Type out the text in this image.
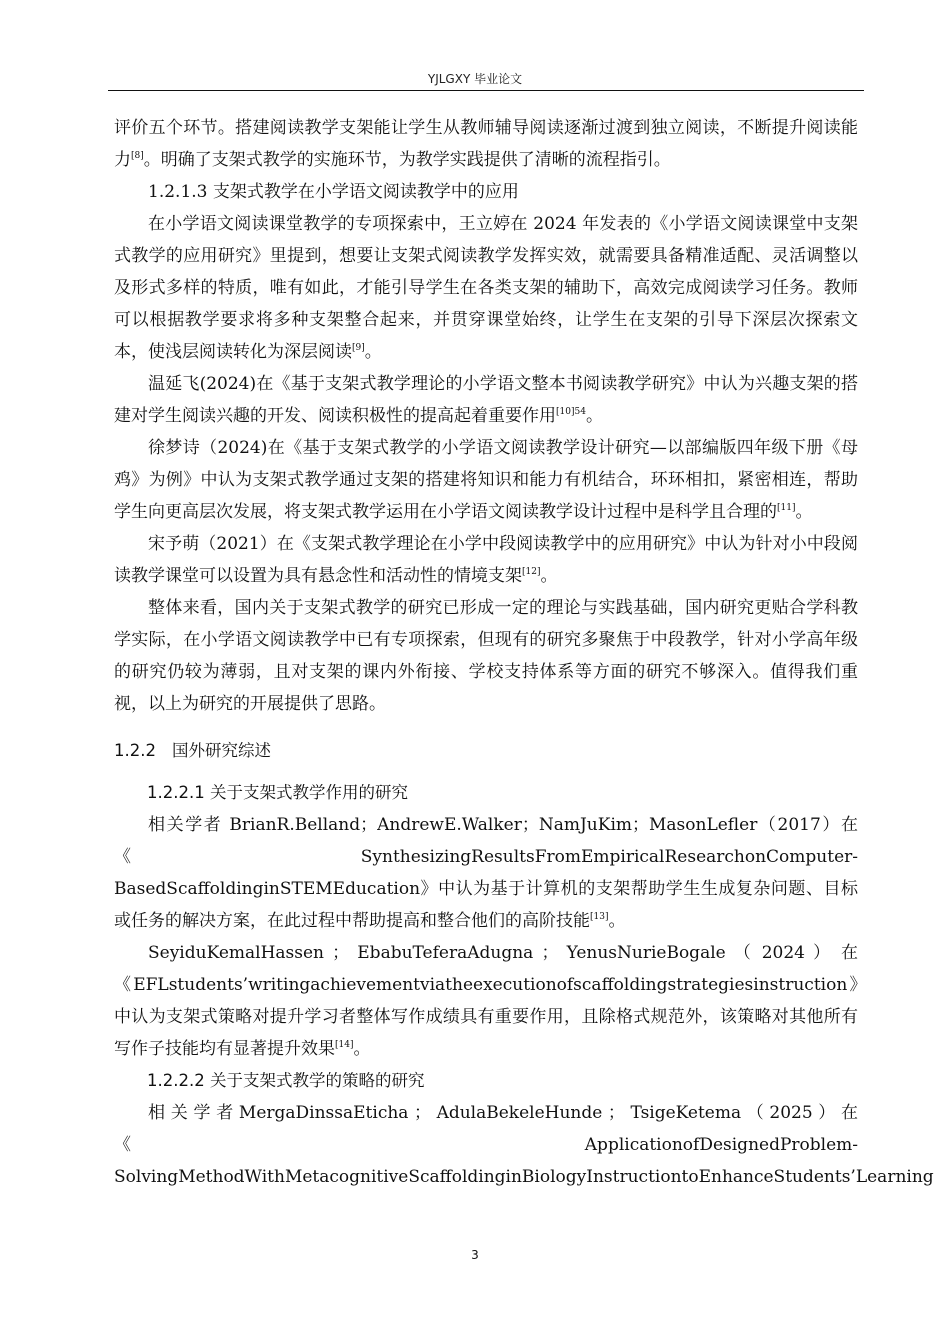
YJLGXY 毕业论文

评价五个环节。搭建阅读教学支架能让学生从教师辅导阅读逐渐过渡到独立阅读，不断提升阅读能力[8]。明确了支架式教学的实施环节，为教学实践提供了清晰的流程指引。

1.2.1.3 支架式教学在小学语文阅读教学中的应用

在小学语文阅读课堂教学的专项探索中，王立婷在 2024 年发表的《小学语文阅读课堂中支架式教学的应用研究》里提到，想要让支架式阅读教学发挥实效，就需要具备精准适配、灵活调整以及形式多样的特质，唯有如此，才能引导学生在各类支架的辅助下，高效完成阅读学习任务。教师可以根据教学要求将多种支架整合起来，并贯穿课堂始终，让学生在支架的引导下深层次探索文本，使浅层阅读转化为深层阅读[9]。

温延飞(2024)在《基于支架式教学理论的小学语文整本书阅读教学研究》中认为兴趣支架的搭建对学生阅读兴趣的开发、阅读积极性的提高起着重要作用$^{[10]54}$。

徐梦诗（2024)在《基于支架式教学的小学语文阅读教学设计研究—以部编版四年级下册《母鸡》为例》中认为支架式教学通过支架的搭建将知识和能力有机结合，环环相扣，紧密相连，帮助学生向更高层次发展，将支架式教学运用在小学语文阅读教学设计过程中是科学且合理的[11]。

宋予萌（2021）在《支架式教学理论在小学中段阅读教学中的应用研究》中认为针对小中段阅读教学课堂可以设置为具有悬念性和活动性的情境支架[12]。

整体来看，国内关于支架式教学的研究已形成一定的理论与实践基础，国内研究更贴合学科教学实际，在小学语文阅读教学中已有专项探索，但现有的研究多聚焦于中段教学，针对小学高年级的研究仍较为薄弱，且对支架的课内外衔接、学校支持体系等方面的研究不够深入。值得我们重视，以上为研究的开展提供了思路。

1.2.2 国外研究综述

1.2.2.1 关于支架式教学作用的研究

相关学者 BrianR.Belland；AndrewE.Walker；NamJuKim；MasonLefler（2017）在

《 SynthesizingResultsFromEmpiricalResearchonComputer-

BasedScaffoldinginSTEMEducation》中认为基于计算机的支架帮助学生生成复杂问题、目标或任务的解决方案，在此过程中帮助提高和整合他们的高阶技能[13]。

SeyiduKemalHassen ； EbabuTeferaAdugna ； YenusNurieBogale （ 2024 ） 在

《EFLstudents’writingachievementviatheexecutionofscaffoldingstrategiesinstruction》中认为支架式策略对提升学习者整体写作成绩具有重要作用，且除格式规范外，该策略对其他所有写作子技能均有显著提升效果[14]。

1.2.2.2 关于支架式教学的策略的研究

相 关 学 者 MergaDinssaEticha ； AdulaBekeleHunde ； TsigeKetema （ 2025 ） 在

《 ApplicationofDesignedProblem-

SolvingMethodWithMetacognitiveScaffoldinginBiologyInstructiontoEnhanceStudents’Learning

3
